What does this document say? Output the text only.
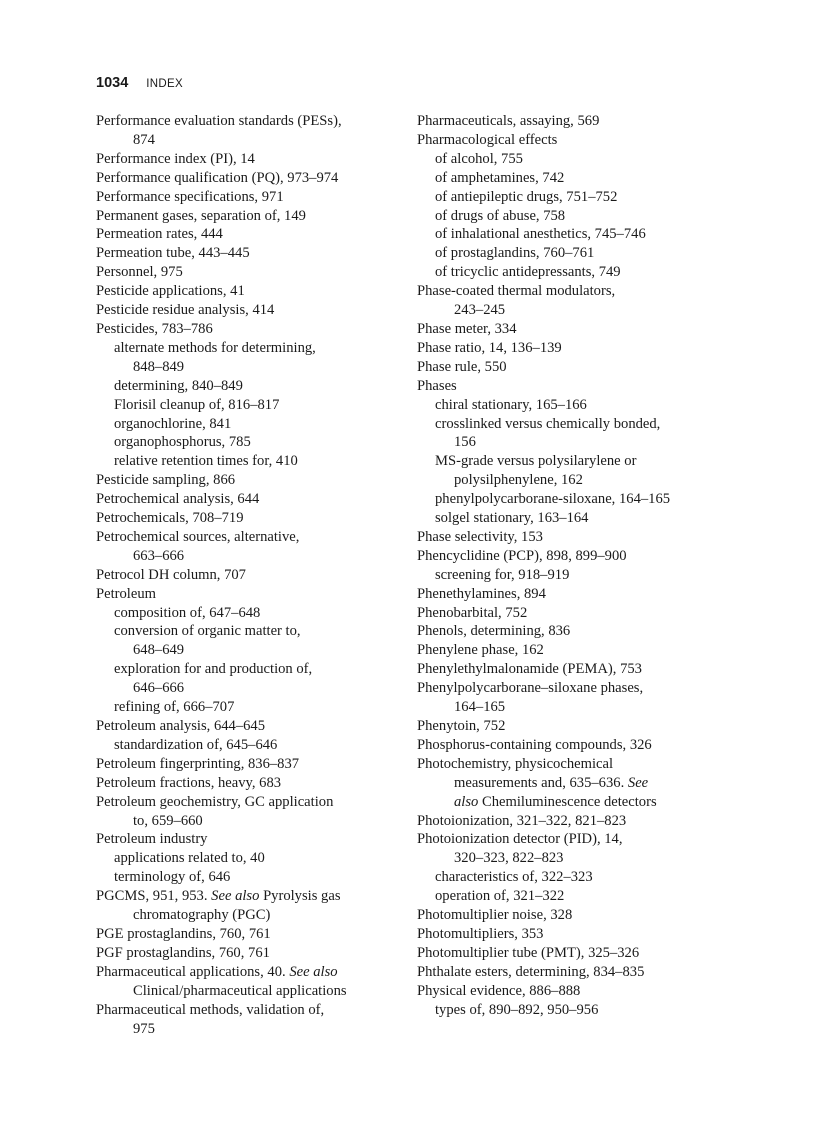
1034 INDEX
Performance evaluation standards (PESs),
874
Performance index (PI), 14
Performance qualification (PQ), 973–974
Performance specifications, 971
Permanent gases, separation of, 149
Permeation rates, 444
Permeation tube, 443–445
Personnel, 975
Pesticide applications, 41
Pesticide residue analysis, 414
Pesticides, 783–786
alternate methods for determining,
848–849
determining, 840–849
Florisil cleanup of, 816–817
organochlorine, 841
organophosphorus, 785
relative retention times for, 410
Pesticide sampling, 866
Petrochemical analysis, 644
Petrochemicals, 708–719
Petrochemical sources, alternative,
663–666
Petrocol DH column, 707
Petroleum
composition of, 647–648
conversion of organic matter to,
648–649
exploration for and production of,
646–666
refining of, 666–707
Petroleum analysis, 644–645
standardization of, 645–646
Petroleum fingerprinting, 836–837
Petroleum fractions, heavy, 683
Petroleum geochemistry, GC application
to, 659–660
Petroleum industry
applications related to, 40
terminology of, 646
PGCMS, 951, 953. See also Pyrolysis gas
chromatography (PGC)
PGE prostaglandins, 760, 761
PGF prostaglandins, 760, 761
Pharmaceutical applications, 40. See also
Clinical/pharmaceutical applications
Pharmaceutical methods, validation of,
975
Pharmaceuticals, assaying, 569
Pharmacological effects
of alcohol, 755
of amphetamines, 742
of antiepileptic drugs, 751–752
of drugs of abuse, 758
of inhalational anesthetics, 745–746
of prostaglandins, 760–761
of tricyclic antidepressants, 749
Phase-coated thermal modulators,
243–245
Phase meter, 334
Phase ratio, 14, 136–139
Phase rule, 550
Phases
chiral stationary, 165–166
crosslinked versus chemically bonded,
156
MS-grade versus polysilarylene or
polysilphenylene, 162
phenylpolycarborane-siloxane, 164–165
solgel stationary, 163–164
Phase selectivity, 153
Phencyclidine (PCP), 898, 899–900
screening for, 918–919
Phenethylamines, 894
Phenobarbital, 752
Phenols, determining, 836
Phenylene phase, 162
Phenylethylmalonamide (PEMA), 753
Phenylpolycarborane–siloxane phases,
164–165
Phenytoin, 752
Phosphorus-containing compounds, 326
Photochemistry, physicochemical
measurements and, 635–636. See
also Chemiluminescence detectors
Photoionization, 321–322, 821–823
Photoionization detector (PID), 14,
320–323, 822–823
characteristics of, 322–323
operation of, 321–322
Photomultiplier noise, 328
Photomultipliers, 353
Photomultiplier tube (PMT), 325–326
Phthalate esters, determining, 834–835
Physical evidence, 886–888
types of, 890–892, 950–956
